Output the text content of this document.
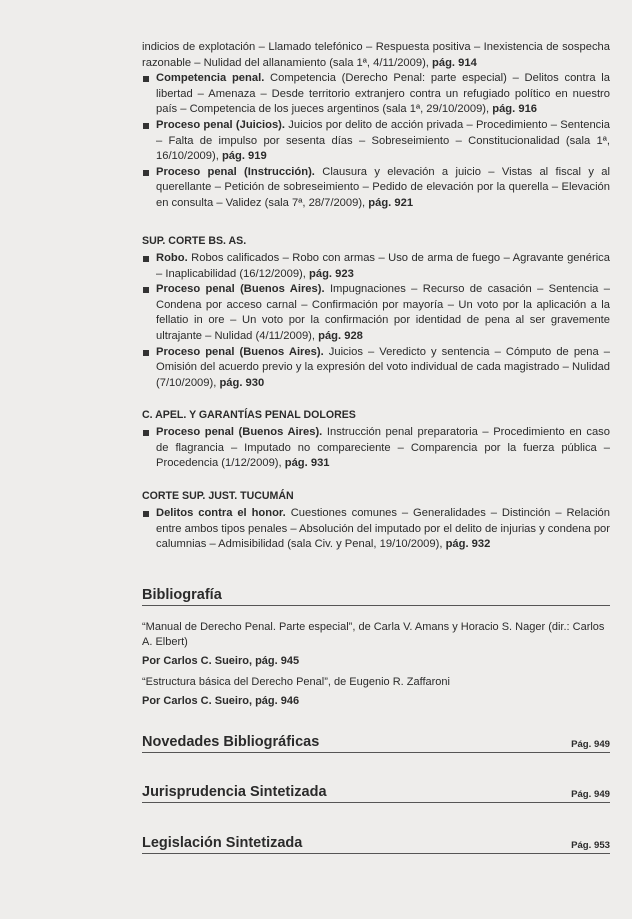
indicios de explotación – Llamado telefónico – Respuesta positiva – Inexistencia de sospecha razonable – Nulidad del allanamiento (sala 1ª, 4/11/2009), pág. 914
Competencia penal. Competencia (Derecho Penal: parte especial) – Delitos contra la libertad – Amenaza – Desde territorio extranjero contra un refugiado político en nuestro país – Competencia de los jueces argentinos (sala 1ª, 29/10/2009), pág. 916
Proceso penal (Juicios). Juicios por delito de acción privada – Procedimiento – Sentencia – Falta de impulso por sesenta días – Sobreseimiento – Constitucionalidad (sala 1ª, 16/10/2009), pág. 919
Proceso penal (Instrucción). Clausura y elevación a juicio – Vistas al fiscal y al querellante – Petición de sobreseimiento – Pedido de elevación por la querella – Elevación en consulta – Validez (sala 7ª, 28/7/2009), pág. 921
SUP. CORTE BS. AS.
Robo. Robos calificados – Robo con armas – Uso de arma de fuego – Agravante genérica – Inaplicabilidad (16/12/2009), pág. 923
Proceso penal (Buenos Aires). Impugnaciones – Recurso de casación – Sentencia – Condena por acceso carnal – Confirmación por mayoría – Un voto por la aplicación a la fellatio in ore – Un voto por la confirmación por identidad de pena al ser gravemente ultrajante – Nulidad (4/11/2009), pág. 928
Proceso penal (Buenos Aires). Juicios – Veredicto y sentencia – Cómputo de pena – Omisión del acuerdo previo y la expresión del voto individual de cada magistrado – Nulidad (7/10/2009), pág. 930
C. APEL. Y GARANTÍAS PENAL DOLORES
Proceso penal (Buenos Aires). Instrucción penal preparatoria – Procedimiento en caso de flagrancia – Imputado no compareciente – Comparencia por la fuerza pública – Procedencia (1/12/2009), pág. 931
CORTE SUP. JUST. TUCUMÁN
Delitos contra el honor. Cuestiones comunes – Generalidades – Distinción – Relación entre ambos tipos penales – Absolución del imputado por el delito de injurias y condena por calumnias – Admisibilidad (sala Civ. y Penal, 19/10/2009), pág. 932
Bibliografía
“Manual de Derecho Penal. Parte especial”, de Carla V. Amans y Horacio S. Nager (dir.: Carlos A. Elbert)
Por Carlos C. Sueiro, pág. 945
“Estructura básica del Derecho Penal”, de Eugenio R. Zaffaroni
Por Carlos C. Sueiro, pág. 946
Novedades Bibliográficas	Pág. 949
Jurisprudencia Sintetizada	Pág. 949
Legislación Sintetizada	Pág. 953
